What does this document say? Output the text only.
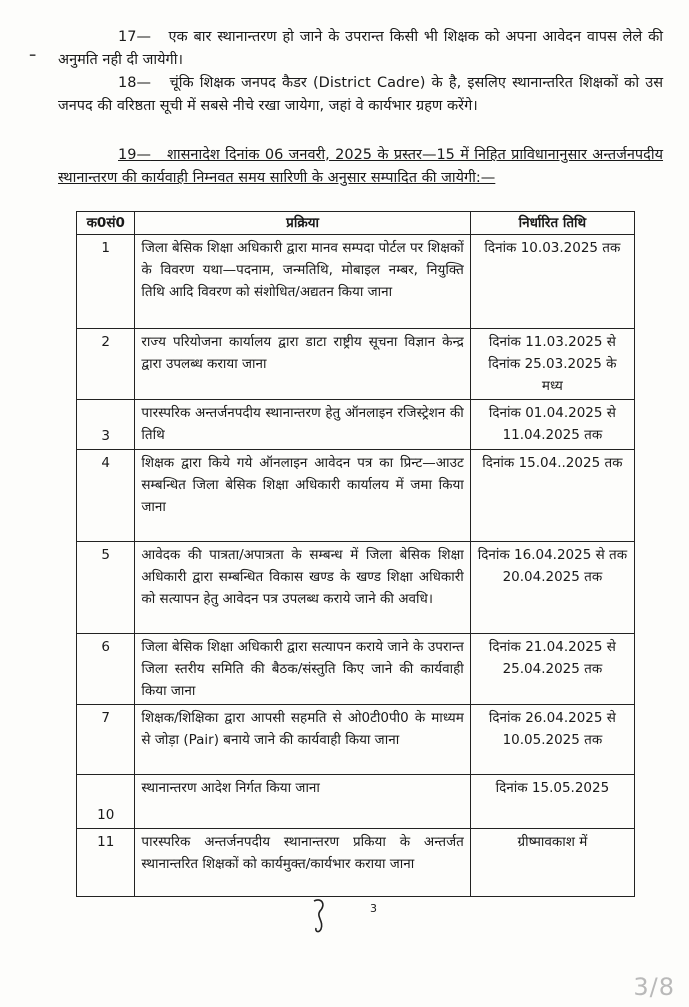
ـ
17— एक बार स्थानान्तरण हो जाने के उपरान्त किसी भी शिक्षक को अपना आवेदन वापस लेले की अनुमति नही दी जायेगी।
18— चूंकि शिक्षक जनपद कैडर (District Cadre) के है, इसलिए स्थानान्तरित शिक्षकों को उस जनपद की वरिष्ठता सूची में सबसे नीचे रखा जायेगा, जहां वे कार्यभार ग्रहण करेंगे।
19— शासनादेश दिनांक 06 जनवरी, 2025 के प्रस्तर—15 में निहित प्राविधानानुसार अन्तर्जनपदीय स्थानान्तरण की कार्यवाही निम्नवत समय सारिणी के अनुसार सम्पादित की जायेगी:—
क0सं0	प्रक्रिया	निर्धारित तिथि
1	जिला बेसिक शिक्षा अधिकारी द्वारा मानव सम्पदा पोर्टल पर शिक्षकों के विवरण यथा—पदनाम, जन्मतिथि, मोबाइल नम्बर, नियुक्ति तिथि आदि विवरण को संशोधित/अद्यतन किया जाना	दिनांक 10.03.2025 तक
2	राज्य परियोजना कार्यालय द्वारा डाटा राष्ट्रीय सूचना विज्ञान केन्द्र द्वारा उपलब्ध कराया जाना	दिनांक 11.03.2025 से दिनांक 25.03.2025 के मध्य
3	पारस्परिक अन्तर्जनपदीय स्थानान्तरण हेतु ऑनलाइन रजिस्ट्रेशन की तिथि	दिनांक 01.04.2025 से 11.04.2025 तक
4	शिक्षक द्वारा किये गये ऑनलाइन आवेदन पत्र का प्रिन्ट—आउट सम्बन्धित जिला बेसिक शिक्षा अधिकारी कार्यालय में जमा किया जाना	दिनांक 15.04..2025 तक
5	आवेदक की पात्रता/अपात्रता के सम्बन्ध में जिला बेसिक शिक्षा अधिकारी द्वारा सम्बन्धित विकास खण्ड के खण्ड शिक्षा अधिकारी को सत्यापन हेतु आवेदन पत्र उपलब्ध कराये जाने की अवधि।	दिनांक 16.04.2025 से तक 20.04.2025 तक
6	जिला बेसिक शिक्षा अधिकारी द्वारा सत्यापन कराये जाने के उपरान्त जिला स्तरीय समिति की बैठक/संस्तुति किए जाने की कार्यवाही किया जाना	दिनांक 21.04.2025 से 25.04.2025 तक
7	शिक्षक/शिक्षिका द्वारा आपसी सहमति से ओ0टी0पी0 के माध्यम से जोड़ा (Pair) बनाये जाने की कार्यवाही किया जाना	दिनांक 26.04.2025 से 10.05.2025 तक
10	स्थानान्तरण आदेश निर्गत किया जाना	दिनांक 15.05.2025
11	पारस्परिक अन्तर्जनपदीय स्थानान्तरण प्रकिया के अन्तर्जत स्थानान्तरित शिक्षकों को कार्यमुक्त/कार्यभार कराया जाना	ग्रीष्मावकाश में
3
3/8
